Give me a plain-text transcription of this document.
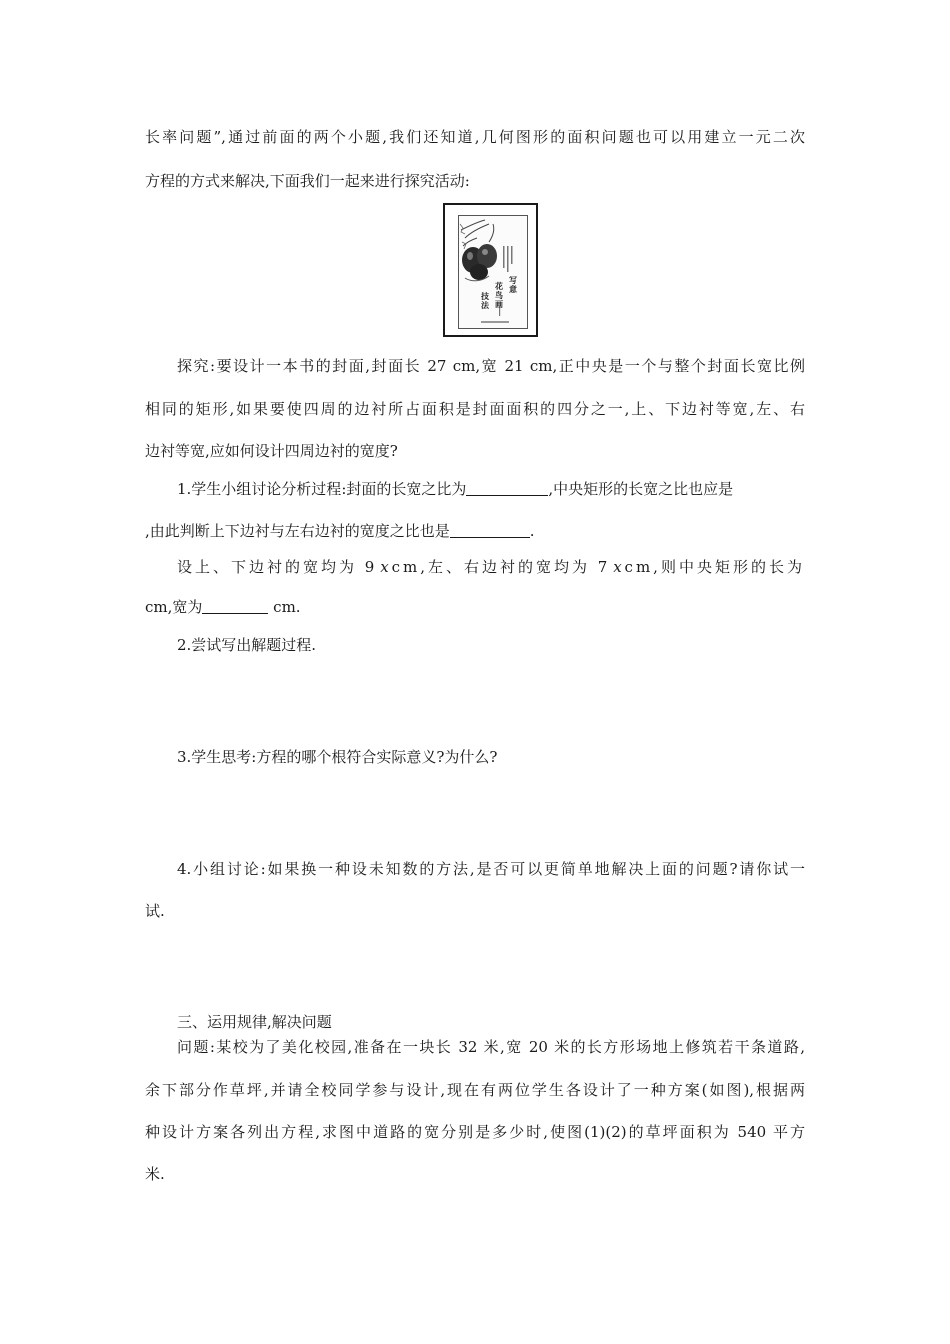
长率问题”,通过前面的两个小题,我们还知道,几何图形的面积问题也可以用建立一元二次
方程的方式来解决,下面我们一起来进行探究活动:
写意
花鸟画
技法
探究:要设计一本书的封面,封面长 27 cm,宽 21 cm,正中央是一个与整个封面长宽比例
相同的矩形,如果要使四周的边衬所占面积是封面面积的四分之一,上、下边衬等宽,左、右
边衬等宽,应如何设计四周边衬的宽度?
1.学生小组讨论分析过程:封面的长宽之比为	,中央矩形的长宽之比也应是
,由此判断上下边衬与左右边衬的宽度之比也是	.
设上、下边衬的宽均为 9 x cm,左、右边衬的宽均为 7 x cm,则中央矩形的长为
cm,宽为	cm.
2.尝试写出解题过程.
3.学生思考:方程的哪个根符合实际意义?为什么?
4.小组讨论:如果换一种设未知数的方法,是否可以更简单地解决上面的问题?请你试一
试.
三、运用规律,解决问题
问题:某校为了美化校园,准备在一块长 32 米,宽 20 米的长方形场地上修筑若干条道路,
余下部分作草坪,并请全校同学参与设计,现在有两位学生各设计了一种方案(如图),根据两
种设计方案各列出方程,求图中道路的宽分别是多少时,使图(1)(2)的草坪面积为 540 平方
米.
